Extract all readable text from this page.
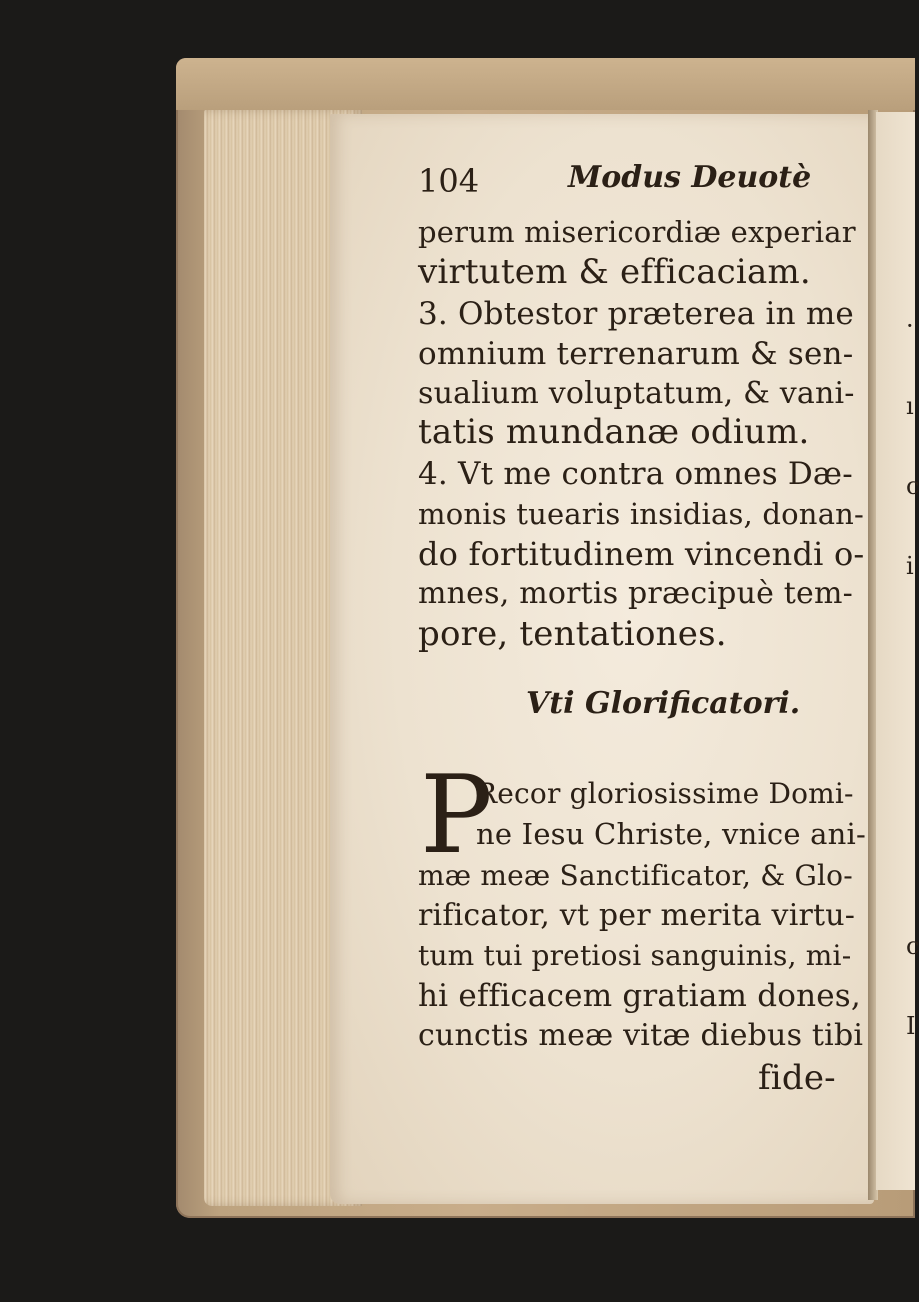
·
ı
c
i
c
I
104	Modus Deuotè
perum misericordiæ experiar
virtutem & efficaciam.
3. Obtestor præterea in me
omnium terrenarum & sen-
sualium voluptatum, & vani-
tatis mundanæ odium.
4. Vt me contra omnes Dæ-
monis tuearis insidias, donan-
do fortitudinem vincendi o-
mnes, mortis præcipuè tem-
pore, tentationes.
Vti Glorificatori.
P
Recor gloriosissime Domi-
ne Iesu Christe, vnice ani-
mæ meæ Sanctificator, & Glo-
rificator, vt per merita virtu-
tum tui pretiosi sanguinis, mi-
hi efficacem gratiam dones,
cunctis meæ vitæ diebus tibi
fide-
